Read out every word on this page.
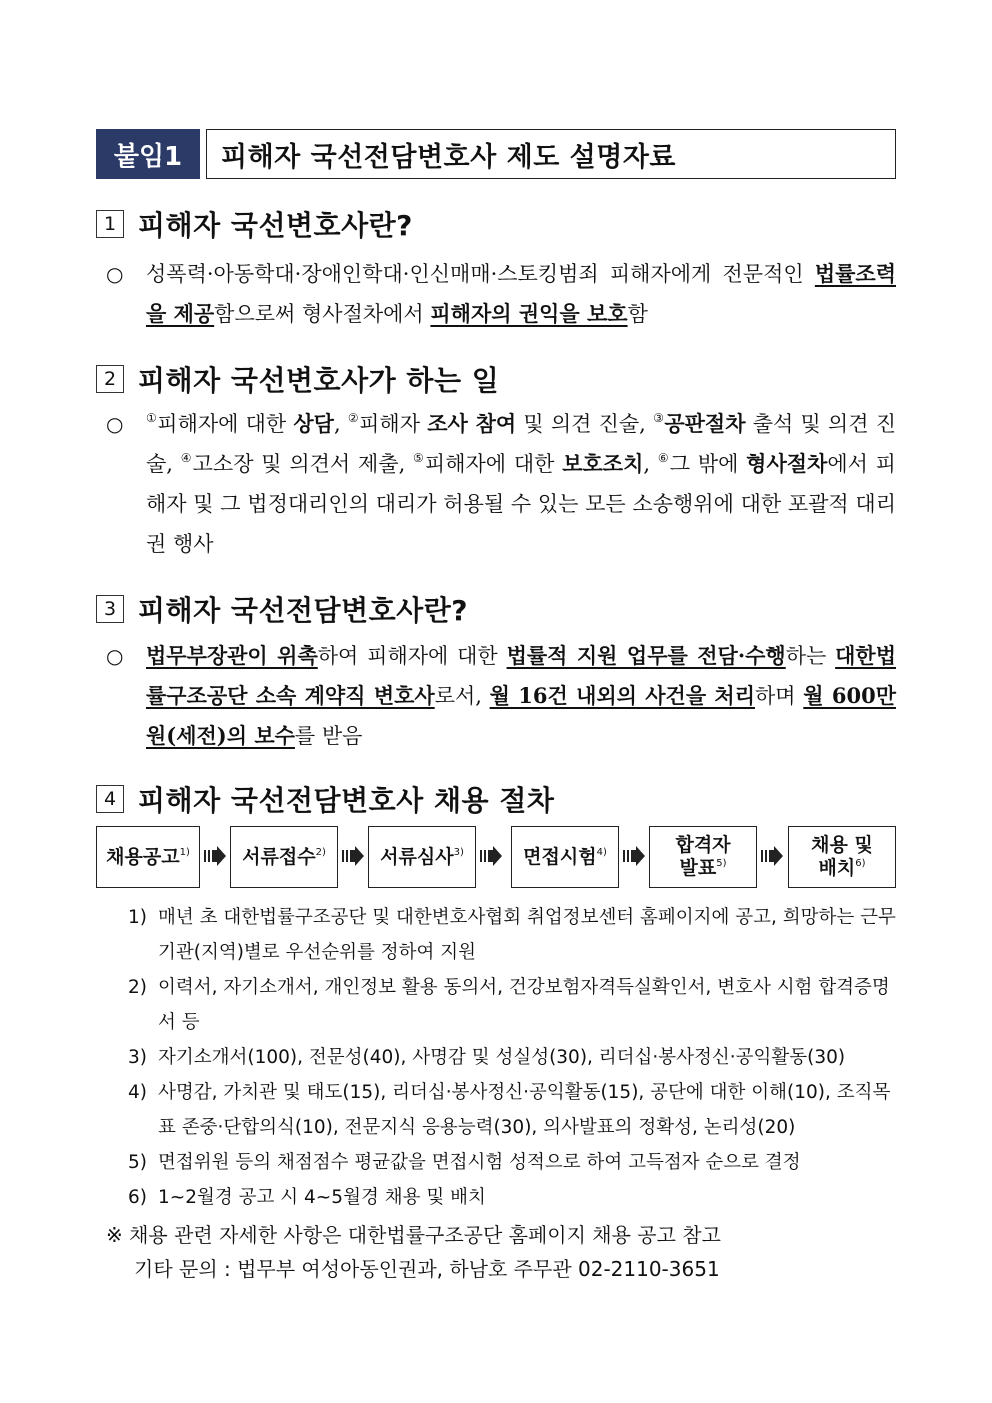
붙임1	피해자 국선전담변호사 제도 설명자료
1 피해자 국선변호사란?
○ 성폭력·아동학대·장애인학대·인신매매·스토킹범죄 피해자에게 전문적인 법률조력을 제공함으로써 형사절차에서 피해자의 권익을 보호함
2 피해자 국선변호사가 하는 일
○ ①피해자에 대한 상담, ②피해자 조사 참여 및 의견 진술, ③공판절차 출석 및 의견 진술, ④고소장 및 의견서 제출, ⑤피해자에 대한 보호조치, ⑥그 밖에 형사절차에서 피해자 및 그 법정대리인의 대리가 허용될 수 있는 모든 소송행위에 대한 포괄적 대리권 행사
3 피해자 국선전담변호사란?
○ 법무부장관이 위촉하여 피해자에 대한 법률적 지원 업무를 전담·수행하는 대한법률구조공단 소속 계약직 변호사로서, 월 16건 내외의 사건을 처리하며 월 600만원(세전)의 보수를 받음
4 피해자 국선전담변호사 채용 절차
채용공고$^{1)}$	서류접수$^{2)}$	서류심사$^{3)}$	면접시험$^{4)}$	합격자
발표$^{5)}$
채용 및
배치$^{6)}$
1) 매년 초 대한법률구조공단 및 대한변호사협회 취업정보센터 홈페이지에 공고, 희망하는 근무기관(지역)별로 우선순위를 정하여 지원
2) 이력서, 자기소개서, 개인정보 활용 동의서, 건강보험자격득실확인서, 변호사 시험 합격증명서 등
3) 자기소개서(100), 전문성(40), 사명감 및 성실성(30), 리더십·봉사정신·공익활동(30)
4) 사명감, 가치관 및 태도(15), 리더십·봉사정신·공익활동(15), 공단에 대한 이해(10), 조직목표 존중·단합의식(10), 전문지식 응용능력(30), 의사발표의 정확성, 논리성(20)
5) 면접위원 등의 채점점수 평균값을 면접시험 성적으로 하여 고득점자 순으로 결정
6) 1~2월경 공고 시 4~5월경 채용 및 배치
※ 채용 관련 자세한 사항은 대한법률구조공단 홈페이지 채용 공고 참고
기타 문의 : 법무부 여성아동인권과, 하남호 주무관 02-2110-3651
